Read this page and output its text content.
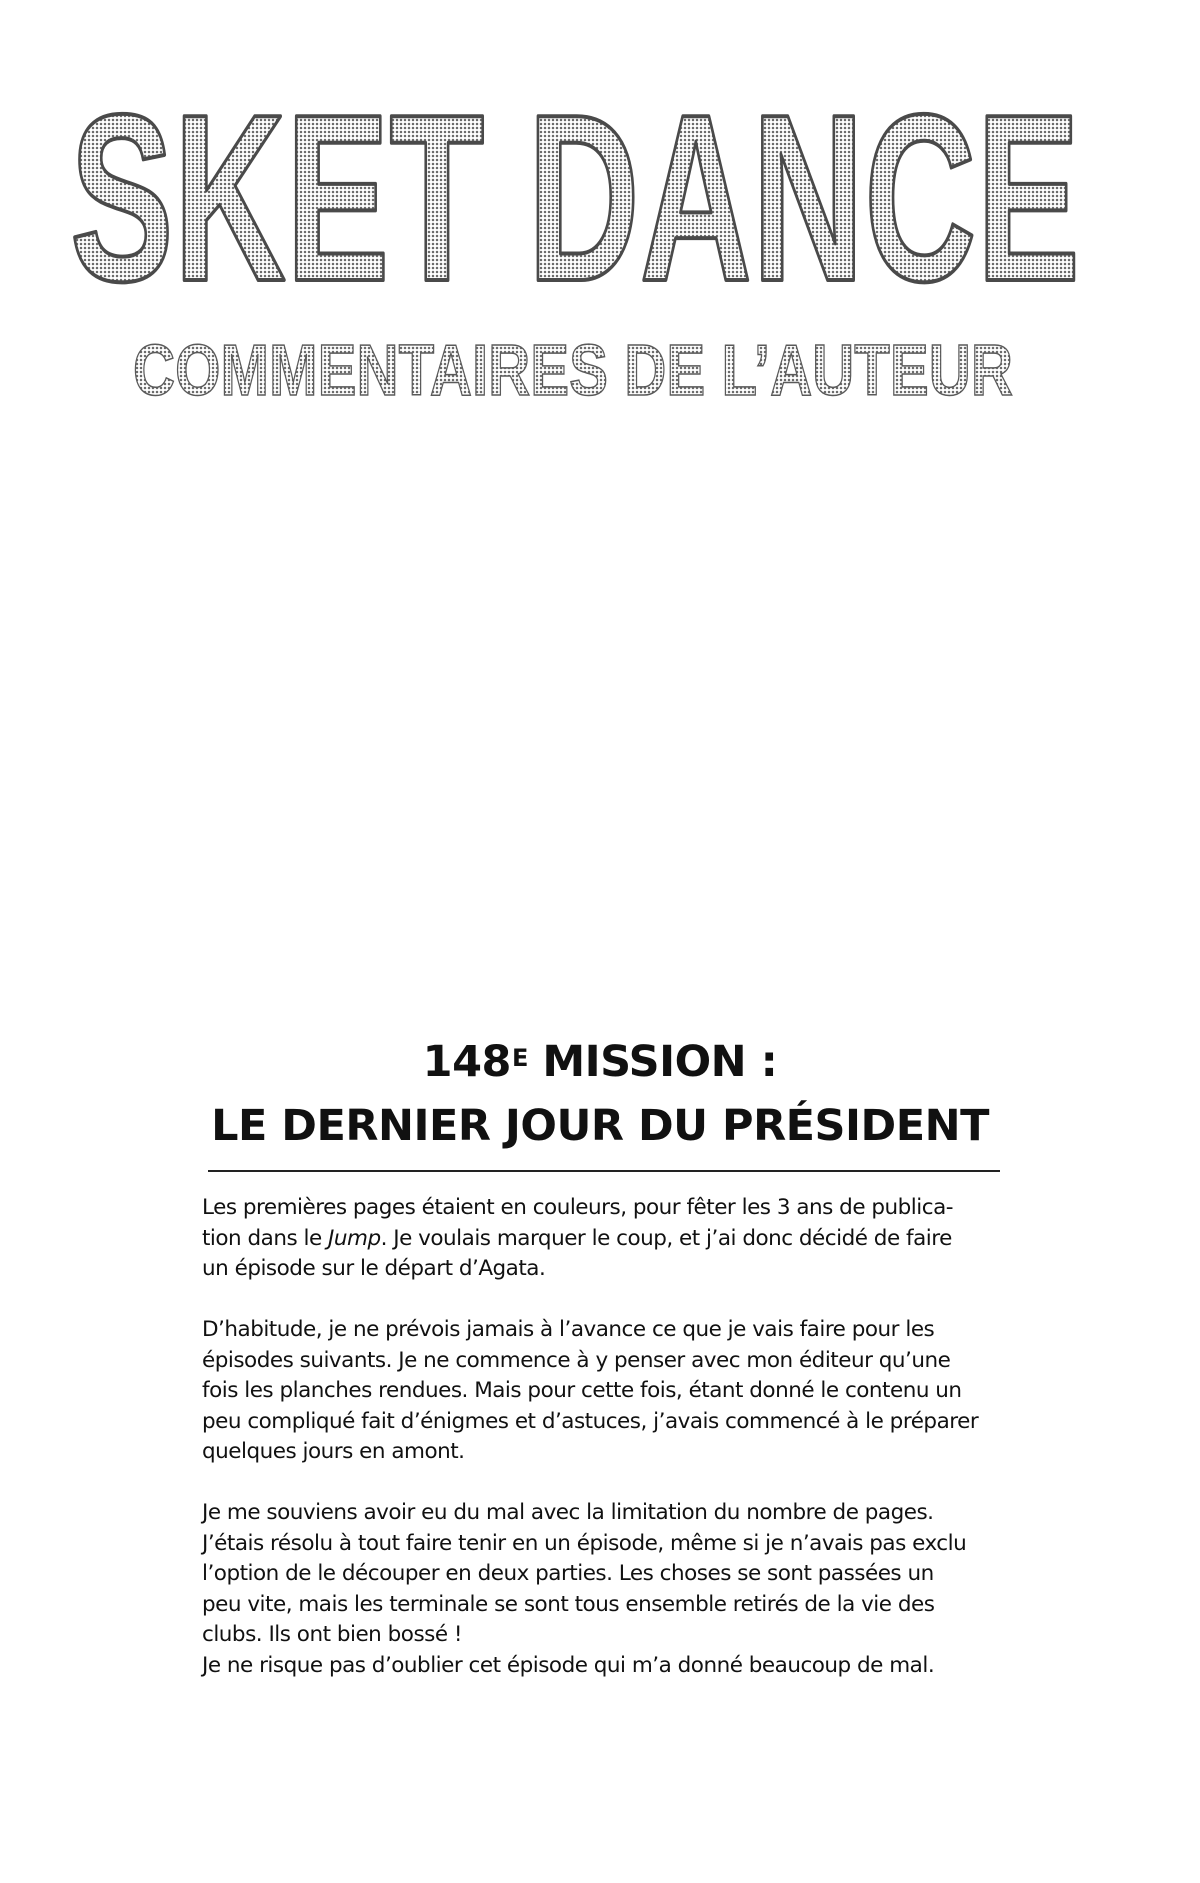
SKET DANCE
SKET DANCE
COMMENTAIRES DE L’AUTEUR
$148^E$ MISSION :
LE DERNIER JOUR DU PRÉSIDENT

Les premières pages étaient en couleurs, pour fêter les 3 ans de publica-
tion dans le Jump. Je voulais marquer le coup, et j’ai donc décidé de faire
un épisode sur le départ d’Agata.

D’habitude, je ne prévois jamais à l’avance ce que je vais faire pour les
épisodes suivants. Je ne commence à y penser avec mon éditeur qu’une
fois les planches rendues. Mais pour cette fois, étant donné le contenu un
peu compliqué fait d’énigmes et d’astuces, j’avais commencé à le préparer
quelques jours en amont.

Je me souviens avoir eu du mal avec la limitation du nombre de pages.
J’étais résolu à tout faire tenir en un épisode, même si je n’avais pas exclu
l’option de le découper en deux parties. Les choses se sont passées un
peu vite, mais les terminale se sont tous ensemble retirés de la vie des
clubs. Ils ont bien bossé !
Je ne risque pas d’oublier cet épisode qui m’a donné beaucoup de mal.
